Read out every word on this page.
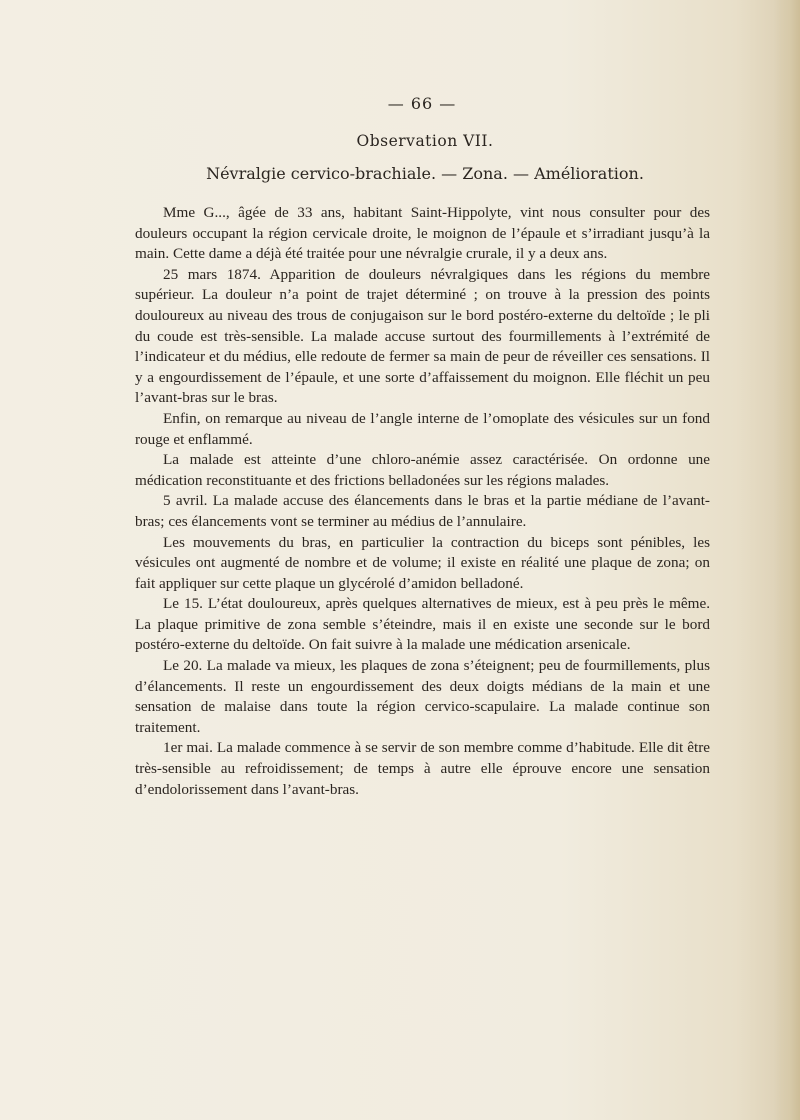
— 66 —
Observation VII.
Névralgie cervico-brachiale. — Zona. — Amélioration.

Mme G..., âgée de 33 ans, habitant Saint-Hippolyte, vint nous consulter pour des douleurs occupant la région cervicale droite, le moignon de l’épaule et s’irradiant jusqu’à la main. Cette dame a déjà été traitée pour une névralgie crurale, il y a deux ans.

25 mars 1874. Apparition de douleurs névralgiques dans les régions du membre supérieur. La douleur n’a point de trajet déterminé ; on trouve à la pression des points douloureux au niveau des trous de conjugaison sur le bord postéro-externe du deltoïde ; le pli du coude est très-sensible. La malade accuse surtout des fourmillements à l’extrémité de l’indicateur et du médius, elle redoute de fermer sa main de peur de réveiller ces sensations. Il y a engourdissement de l’épaule, et une sorte d’affaissement du moignon. Elle fléchit un peu l’avant-bras sur le bras.

Enfin, on remarque au niveau de l’angle interne de l’omoplate des vésicules sur un fond rouge et enflammé.

La malade est atteinte d’une chloro-anémie assez caractérisée. On ordonne une médication reconstituante et des frictions belladonées sur les régions malades.

5 avril. La malade accuse des élancements dans le bras et la partie médiane de l’avant-bras; ces élancements vont se terminer au médius de l’annulaire.

Les mouvements du bras, en particulier la contraction du biceps sont pénibles, les vésicules ont augmenté de nombre et de volume; il existe en réalité une plaque de zona; on fait appliquer sur cette plaque un glycérolé d’amidon belladoné.

Le 15. L’état douloureux, après quelques alternatives de mieux, est à peu près le même. La plaque primitive de zona semble s’éteindre, mais il en existe une seconde sur le bord postéro-externe du deltoïde. On fait suivre à la malade une médication arsenicale.

Le 20. La malade va mieux, les plaques de zona s’éteignent; peu de fourmillements, plus d’élancements. Il reste un engourdissement des deux doigts médians de la main et une sensation de malaise dans toute la région cervico-scapulaire. La malade continue son traitement.

1er mai. La malade commence à se servir de son membre comme d’habitude. Elle dit être très-sensible au refroidissement; de temps à autre elle éprouve encore une sensation d’endolorissement dans l’avant-bras.
